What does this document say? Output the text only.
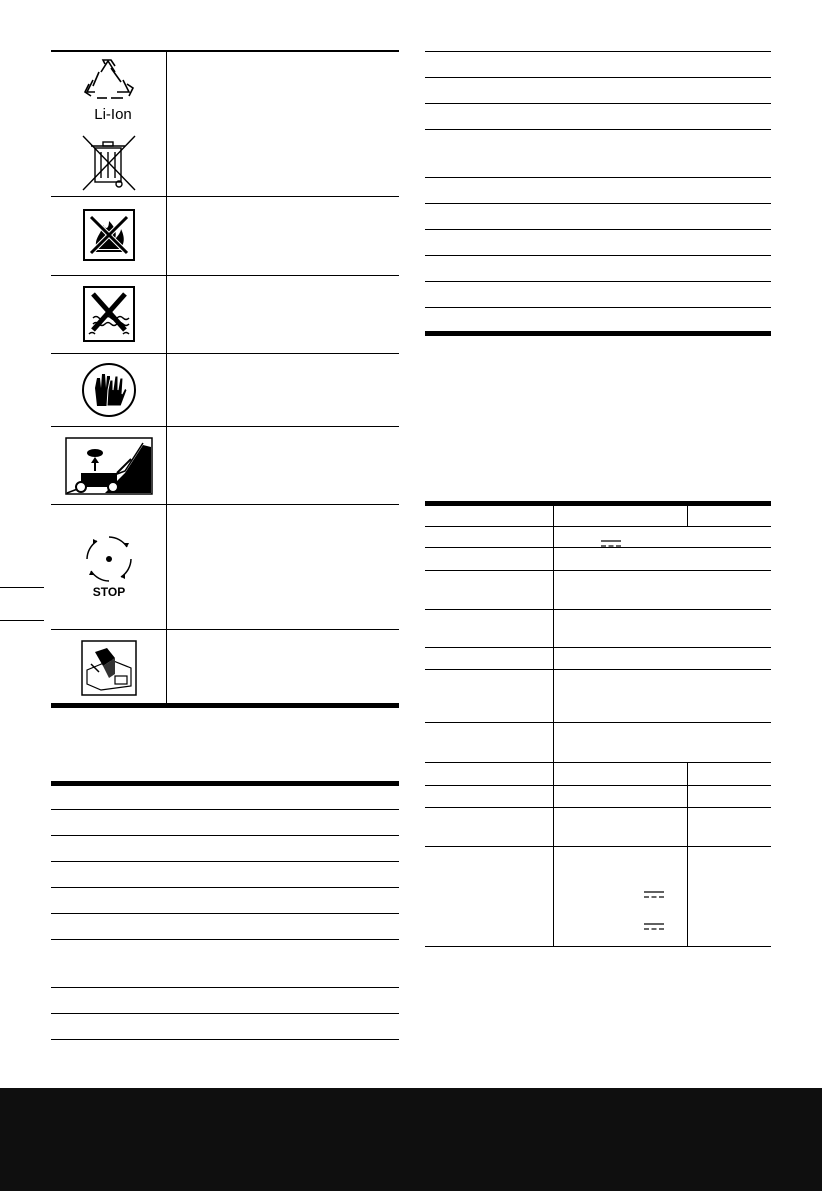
Li-Ion
STOP
